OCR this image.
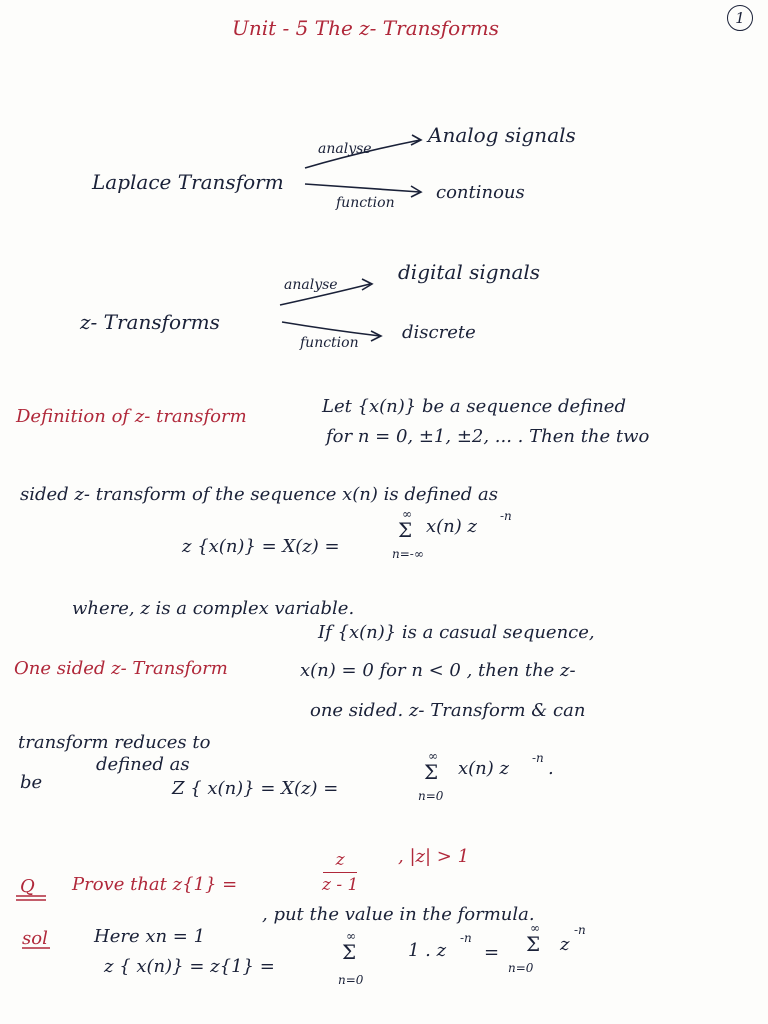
1
Unit - 5 The z- Transforms
Laplace Transform
analyse
Analog signals
function continous
z- Transforms
analyse
digital signals
function discrete
Definition of z- transform	Let {x(n)} be a sequence defined
for n = 0, ±1, ±2, ... . Then the two
sided z- transform of the sequence x(n) is defined as
z {x(n)} = X(z) =
∞
Σ
n=-∞
x(n) z -n
where, z is a complex variable.
One sided z- Transform
If {x(n)} is a casual sequence,
x(n) = 0 for n < 0 , then the z-
transform reduces to
one sided. z- Transform & can
be
defined as
Z { x(n)} = X(z) =
∞
Σ
n=0
x(n) z -n .
Q Prove that z{1} =
z
z - 1
, |z| > 1
sol	Here xn = 1
, put the value in the formula.
z { x(n)} = z{1} =
∞
Σ
n=0
1 . z
-n
=
∞
Σ
n=0
z
-n
